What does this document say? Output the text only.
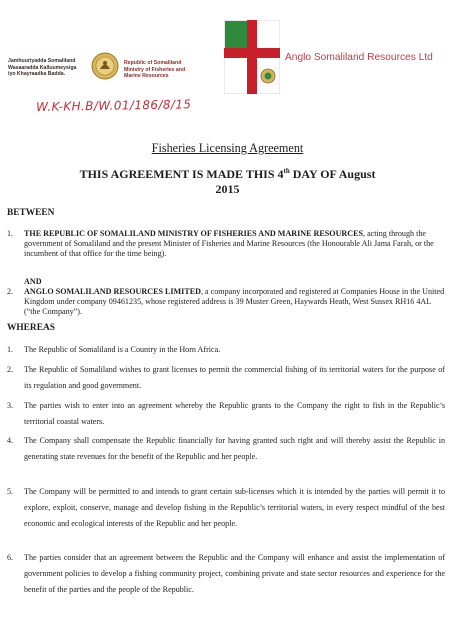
Jamhuuriyadda Somaliland
Wasaaradda Kalluumeysiga
iyo Khayraadka Badda.
Republic of Somaliland
Ministry of Fisheries and
Marine Resources
Anglo Somaliland Resources Ltd
W.K-KH.B/W.01/186/8/15
Fisheries Licensing Agreement
THIS AGREEMENT IS MADE THIS 4th DAY OF August
2015
BETWEEN
1. THE REPUBLIC OF SOMALILAND MINISTRY OF FISHERIES AND MARINE RESOURCES, acting through the government of Somaliland and the present Minister of Fisheries and Marine Resources (the Honourable Ali Jama Farah, or the incumbent of that office for the time being).
AND
2. ANGLO SOMALILAND RESOURCES LIMITED, a company incorporated and registered at Companies House in the United Kingdom under company 09461235, whose registered address is 39 Muster Green, Haywards Heath, West Sussex RH16 4AL (“the Company”).
WHEREAS
1. The Republic of Somaliland is a Country in the Horn Africa.
2. The Republic of Somaliland wishes to grant licenses to permit the commercial fishing of its territorial waters for the purpose of its regulation and good government.
3. The parties wish to enter into an agreement whereby the Republic grants to the Company the right to fish in the Republic’s territorial coastal waters.
4. The Company shall compensate the Republic financially for having granted such right and will thereby assist the Republic in generating state revenues for the benefit of the Republic and her people.
5. The Company will be permitted to and intends to grant certain sub-licenses which it is intended by the parties will permit it to explore, exploit, conserve, manage and develop fishing in the Republic’s territorial waters, in every respect mindful of the best economic and ecological interests of the Republic and her people.
6. The parties consider that an agreement between the Republic and the Company will enhance and assist the implementation of government policies to develop a fishing community project, combining private and state sector resources and experience for the benefit of the parties and the people of the Republic.
